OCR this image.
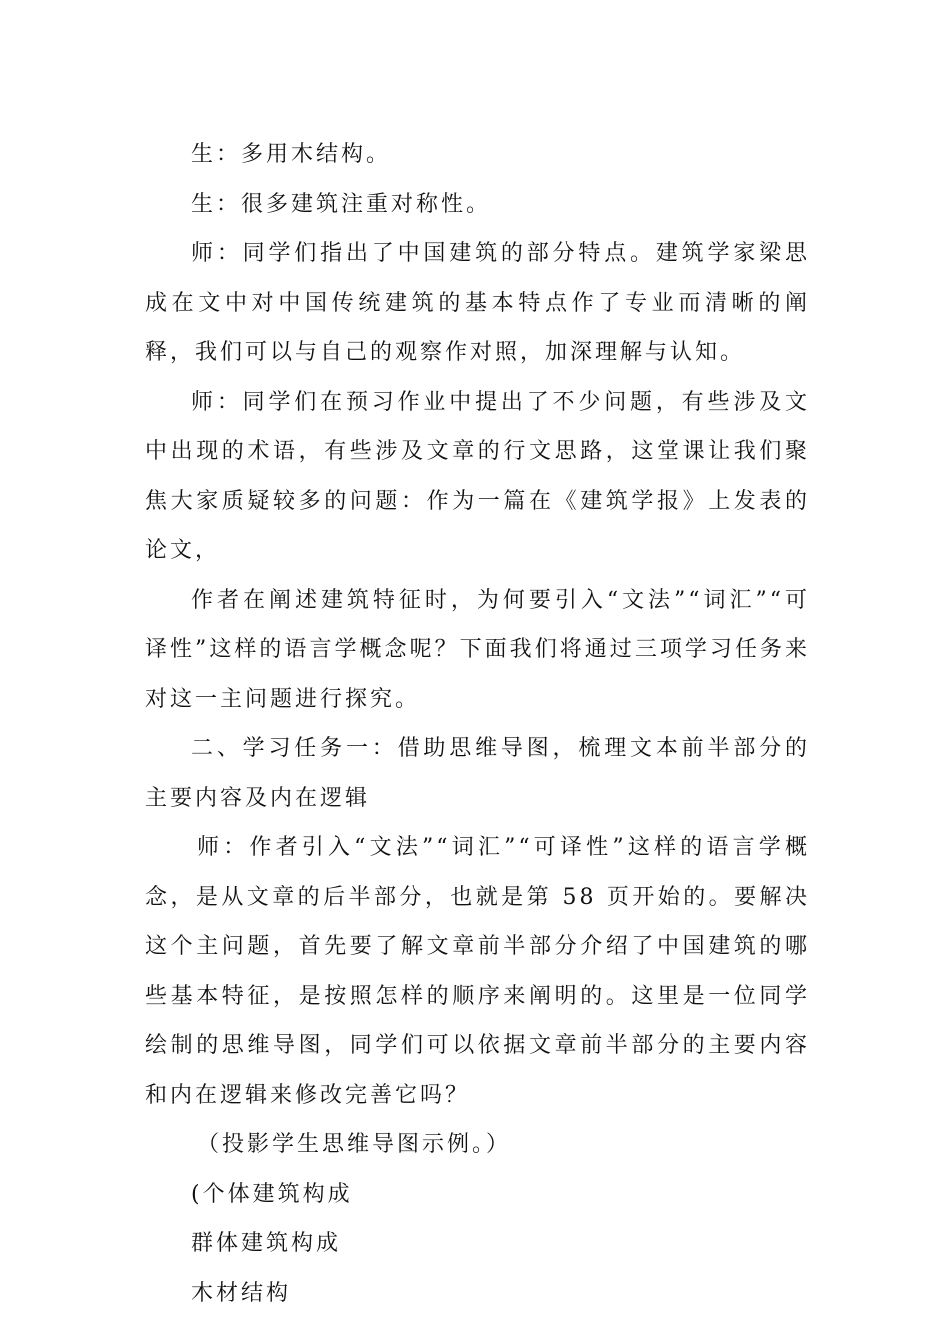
生：多用木结构。

生：很多建筑注重对称性。

师：同学们指出了中国建筑的部分特点。建筑学家梁思成在文中对中国传统建筑的基本特点作了专业而清晰的阐释，我们可以与自己的观察作对照，加深理解与认知。

师：同学们在预习作业中提出了不少问题，有些涉及文中出现的术语，有些涉及文章的行文思路，这堂课让我们聚焦大家质疑较多的问题：作为一篇在《建筑学报》上发表的论文，

作者在阐述建筑特征时，为何要引入“文法”“词汇”“可译性”这样的语言学概念呢？下面我们将通过三项学习任务来对这一主问题进行探究。

二、学习任务一：借助思维导图，梳理文本前半部分的主要内容及内在逻辑

师：作者引入“文法”“词汇”“可译性”这样的语言学概念，是从文章的后半部分，也就是第 58 页开始的。要解决这个主问题，首先要了解文章前半部分介绍了中国建筑的哪些基本特征，是按照怎样的顺序来阐明的。这里是一位同学绘制的思维导图，同学们可以依据文章前半部分的主要内容和内在逻辑来修改完善它吗？

（投影学生思维导图示例。）

(个体建筑构成

群体建筑构成

木材结构
